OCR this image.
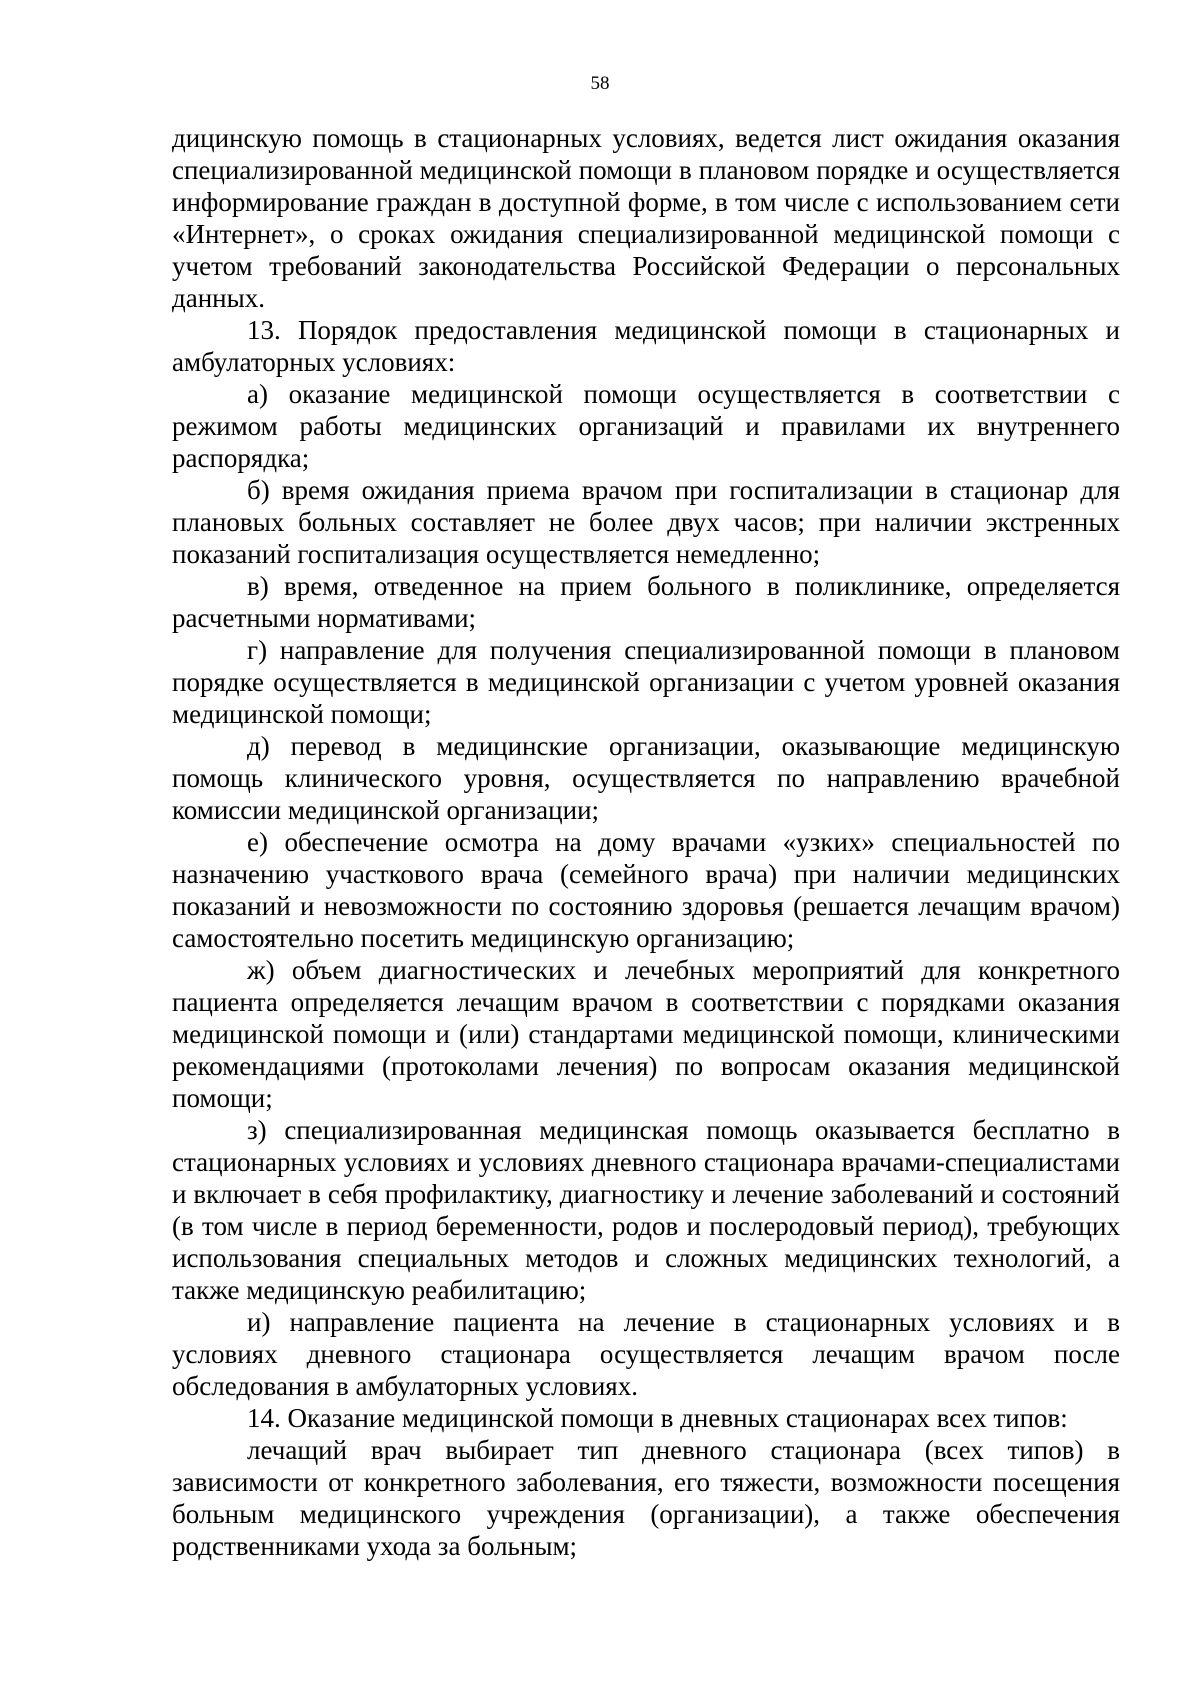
58

дицинскую помощь в стационарных условиях, ведется лист ожидания оказания специализированной медицинской помощи в плановом порядке и осуществляется информирование граждан в доступной форме, в том числе с использованием сети «Интернет», о сроках ожидания специализированной медицинской помощи с учетом требований законодательства Российской Федерации о персональных данных.

13. Порядок предоставления медицинской помощи в стационарных и амбулаторных условиях:

а) оказание медицинской помощи осуществляется в соответствии с режимом работы медицинских организаций и правилами их внутреннего распорядка;

б) время ожидания приема врачом при госпитализации в стационар для плановых больных составляет не более двух часов; при наличии экстренных показаний госпитализация осуществляется немедленно;

в) время, отведенное на прием больного в поликлинике, определяется расчетными нормативами;

г) направление для получения специализированной помощи в плановом порядке осуществляется в медицинской организации с учетом уровней оказания медицинской помощи;

д) перевод в медицинские организации, оказывающие медицинскую помощь клинического уровня, осуществляется по направлению врачебной комиссии медицинской организации;

е) обеспечение осмотра на дому врачами «узких» специальностей по назначению участкового врача (семейного врача) при наличии медицинских показаний и невозможности по состоянию здоровья (решается лечащим врачом) самостоятельно посетить медицинскую организацию;

ж) объем диагностических и лечебных мероприятий для конкретного пациента определяется лечащим врачом в соответствии с порядками оказания медицинской помощи и (или) стандартами медицинской помощи, клиническими рекомендациями (протоколами лечения) по вопросам оказания медицинской помощи;

з) специализированная медицинская помощь оказывается бесплатно в стационарных условиях и условиях дневного стационара врачами-специалистами и включает в себя профилактику, диагностику и лечение заболеваний и состояний (в том числе в период беременности, родов и послеродовый период), требующих использования специальных методов и сложных медицинских технологий, а также медицинскую реабилитацию;

и) направление пациента на лечение в стационарных условиях и в условиях дневного стационара осуществляется лечащим врачом после обследования в амбулаторных условиях.

14. Оказание медицинской помощи в дневных стационарах всех типов:

лечащий врач выбирает тип дневного стационара (всех типов) в зависимости от конкретного заболевания, его тяжести, возможности посещения больным медицинского учреждения (организации), а также обеспечения родственниками ухода за больным;
